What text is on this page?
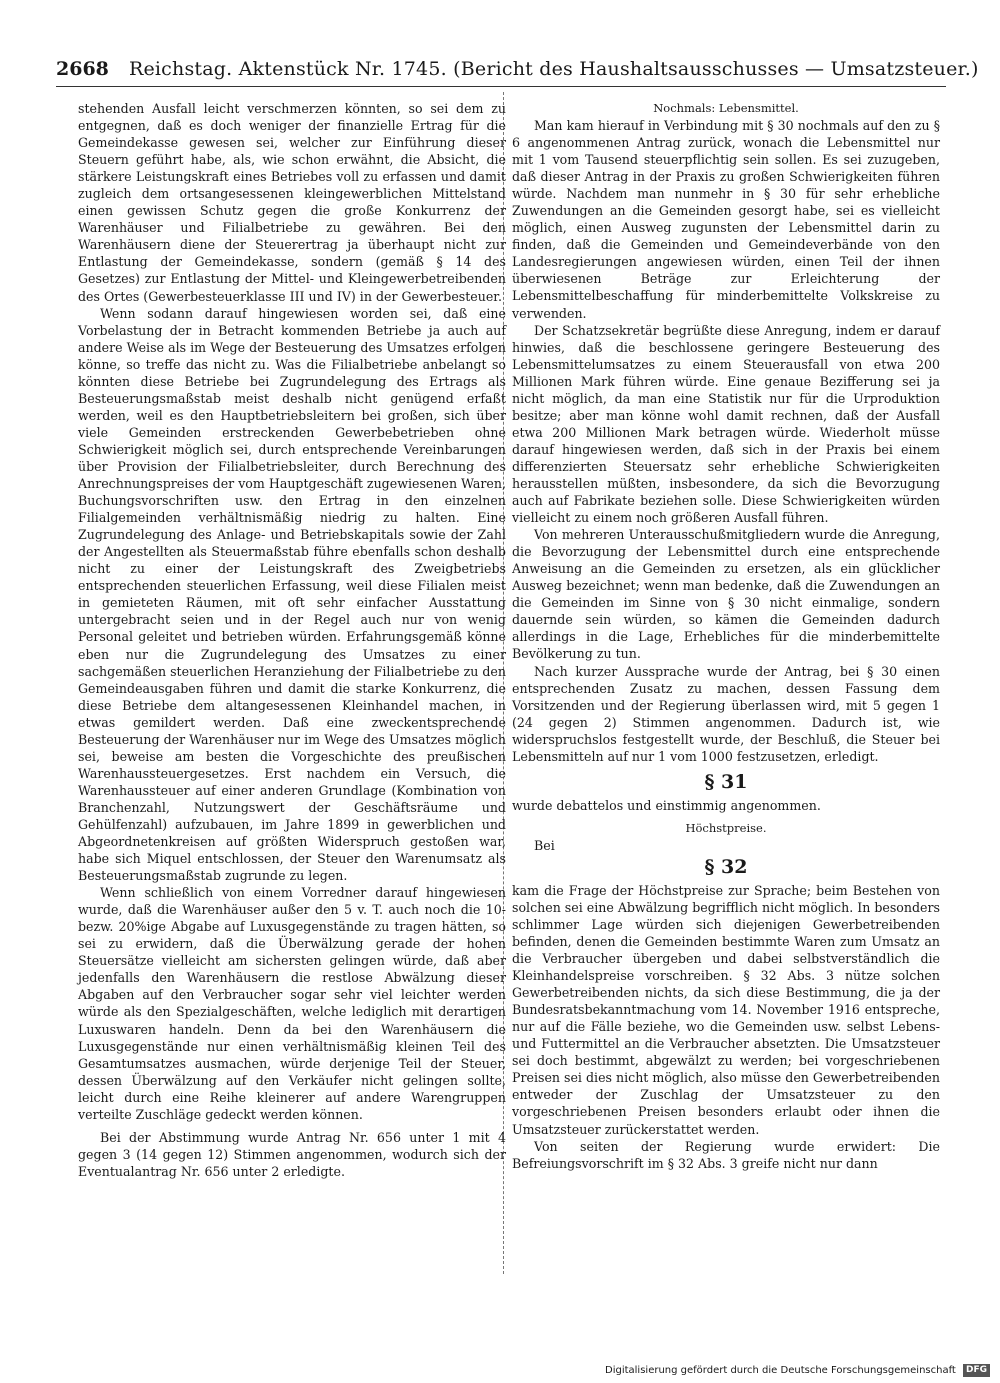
2668 Reichstag. Aktenstück Nr. 1745. (Bericht des Haushaltsausschusses — Umsatzsteuer.)

stehenden Ausfall leicht verschmerzen könnten, so sei dem zu entgegnen, daß es doch weniger der finanzielle Ertrag für die Gemeindekasse gewesen sei, welcher zur Einführung dieser Steuern geführt habe, als, wie schon erwähnt, die Absicht, die stärkere Leistungskraft eines Betriebes voll zu erfassen und damit zugleich dem ortsangesessenen kleingewerblichen Mittelstand einen gewissen Schutz gegen die große Konkurrenz der Warenhäuser und Filialbetriebe zu gewähren. Bei den Warenhäusern diene der Steuerertrag ja überhaupt nicht zur Entlastung der Gemeindekasse, sondern (gemäß § 14 des Gesetzes) zur Entlastung der Mittel- und Kleingewerbetreibenden des Ortes (Gewerbesteuerklasse III und IV) in der Gewerbesteuer.

Wenn sodann darauf hingewiesen worden sei, daß eine Vorbelastung der in Betracht kommenden Betriebe ja auch auf andere Weise als im Wege der Besteuerung des Umsatzes erfolgen könne, so treffe das nicht zu. Was die Filialbetriebe anbelangt so könnten diese Betriebe bei Zugrundelegung des Ertrags als Besteuerungsmaßstab meist deshalb nicht genügend erfaßt werden, weil es den Hauptbetriebsleitern bei großen, sich über viele Gemeinden erstreckenden Gewerbebetrieben ohne Schwierigkeit möglich sei, durch entsprechende Vereinbarungen über Provision der Filialbetriebsleiter, durch Berechnung des Anrechnungspreises der vom Hauptgeschäft zugewiesenen Waren, Buchungsvorschriften usw. den Ertrag in den einzelnen Filialgemeinden verhältnismäßig niedrig zu halten. Eine Zugrundelegung des Anlage- und Betriebskapitals sowie der Zahl der Angestellten als Steuermaßstab führe ebenfalls schon deshalb nicht zu einer der Leistungskraft des Zweigbetriebs entsprechenden steuerlichen Erfassung, weil diese Filialen meist in gemieteten Räumen, mit oft sehr einfacher Ausstattung untergebracht seien und in der Regel auch nur von wenig Personal geleitet und betrieben würden. Erfahrungsgemäß könne eben nur die Zugrundelegung des Umsatzes zu einer sachgemäßen steuerlichen Heranziehung der Filialbetriebe zu den Gemeindeausgaben führen und damit die starke Konkurrenz, die diese Betriebe dem altangesessenen Kleinhandel machen, in etwas gemildert werden. Daß eine zweckentsprechende Besteuerung der Warenhäuser nur im Wege des Umsatzes möglich sei, beweise am besten die Vorgeschichte des preußischen Warenhaussteuergesetzes. Erst nachdem ein Versuch, die Warenhaussteuer auf einer anderen Grundlage (Kombination von Branchenzahl, Nutzungswert der Geschäftsräume und Gehülfenzahl) aufzubauen, im Jahre 1899 in gewerblichen und Abgeordnetenkreisen auf größten Widerspruch gestoßen war, habe sich Miquel entschlossen, der Steuer den Warenumsatz als Besteuerungsmaßstab zugrunde zu legen.

Wenn schließlich von einem Vorredner darauf hingewiesen wurde, daß die Warenhäuser außer den 5 v. T. auch noch die 10- bezw. 20%ige Abgabe auf Luxusgegenstände zu tragen hätten, so sei zu erwidern, daß die Überwälzung gerade der hohen Steuersätze vielleicht am sichersten gelingen würde, daß aber jedenfalls den Warenhäusern die restlose Abwälzung dieser Abgaben auf den Verbraucher sogar sehr viel leichter werden würde als den Spezialgeschäften, welche lediglich mit derartigen Luxuswaren handeln. Denn da bei den Warenhäusern die Luxusgegenstände nur einen verhältnismäßig kleinen Teil des Gesamtumsatzes ausmachen, würde derjenige Teil der Steuer, dessen Überwälzung auf den Verkäufer nicht gelingen sollte, leicht durch eine Reihe kleinerer auf andere Warengruppen verteilte Zuschläge gedeckt werden können.

Bei der Abstimmung wurde Antrag Nr. 656 unter 1 mit 4 gegen 3 (14 gegen 12) Stimmen angenommen, wodurch sich der Eventualantrag Nr. 656 unter 2 erledigte.

Nochmals: Lebensmittel.

Man kam hierauf in Verbindung mit § 30 nochmals auf den zu § 6 angenommenen Antrag zurück, wonach die Lebensmittel nur mit 1 vom Tausend steuerpflichtig sein sollen. Es sei zuzugeben, daß dieser Antrag in der Praxis zu großen Schwierigkeiten führen würde. Nachdem man nunmehr in § 30 für sehr erhebliche Zuwendungen an die Gemeinden gesorgt habe, sei es vielleicht möglich, einen Ausweg zugunsten der Lebensmittel darin zu finden, daß die Gemeinden und Gemeindeverbände von den Landesregierungen angewiesen würden, einen Teil der ihnen überwiesenen Beträge zur Erleichterung der Lebensmittelbeschaffung für minderbemittelte Volkskreise zu verwenden.

Der Schatzsekretär begrüßte diese Anregung, indem er darauf hinwies, daß die beschlossene geringere Besteuerung des Lebensmittelumsatzes zu einem Steuerausfall von etwa 200 Millionen Mark führen würde. Eine genaue Bezifferung sei ja nicht möglich, da man eine Statistik nur für die Urproduktion besitze; aber man könne wohl damit rechnen, daß der Ausfall etwa 200 Millionen Mark betragen würde. Wiederholt müsse darauf hingewiesen werden, daß sich in der Praxis bei einem differenzierten Steuersatz sehr erhebliche Schwierigkeiten herausstellen müßten, insbesondere, da sich die Bevorzugung auch auf Fabrikate beziehen solle. Diese Schwierigkeiten würden vielleicht zu einem noch größeren Ausfall führen.

Von mehreren Unterausschußmitgliedern wurde die Anregung, die Bevorzugung der Lebensmittel durch eine entsprechende Anweisung an die Gemeinden zu ersetzen, als ein glücklicher Ausweg bezeichnet; wenn man bedenke, daß die Zuwendungen an die Gemeinden im Sinne von § 30 nicht einmalige, sondern dauernde sein würden, so kämen die Gemeinden dadurch allerdings in die Lage, Erhebliches für die minderbemittelte Bevölkerung zu tun.

Nach kurzer Aussprache wurde der Antrag, bei § 30 einen entsprechenden Zusatz zu machen, dessen Fassung dem Vorsitzenden und der Regierung überlassen wird, mit 5 gegen 1 (24 gegen 2) Stimmen angenommen. Dadurch ist, wie widerspruchslos festgestellt wurde, der Beschluß, die Steuer bei Lebensmitteln auf nur 1 vom 1000 festzusetzen, erledigt.

§ 31

wurde debattelos und einstimmig angenommen.

Höchstpreise.

Bei

§ 32

kam die Frage der Höchstpreise zur Sprache; beim Bestehen von solchen sei eine Abwälzung begrifflich nicht möglich. In besonders schlimmer Lage würden sich diejenigen Gewerbetreibenden befinden, denen die Gemeinden bestimmte Waren zum Umsatz an die Verbraucher übergeben und dabei selbstverständlich die Kleinhandelspreise vorschreiben. § 32 Abs. 3 nütze solchen Gewerbetreibenden nichts, da sich diese Bestimmung, die ja der Bundesratsbekanntmachung vom 14. November 1916 entspreche, nur auf die Fälle beziehe, wo die Gemeinden usw. selbst Lebens- und Futtermittel an die Verbraucher absetzten. Die Umsatzsteuer sei doch bestimmt, abgewälzt zu werden; bei vorgeschriebenen Preisen sei dies nicht möglich, also müsse den Gewerbetreibenden entweder der Zuschlag der Umsatzsteuer zu den vorgeschriebenen Preisen besonders erlaubt oder ihnen die Umsatzsteuer zurückerstattet werden.

Von seiten der Regierung wurde erwidert: Die Befreiungsvorschrift im § 32 Abs. 3 greife nicht nur dann

Digitalisierung gefördert durch die Deutsche Forschungsgemeinschaft DFG
